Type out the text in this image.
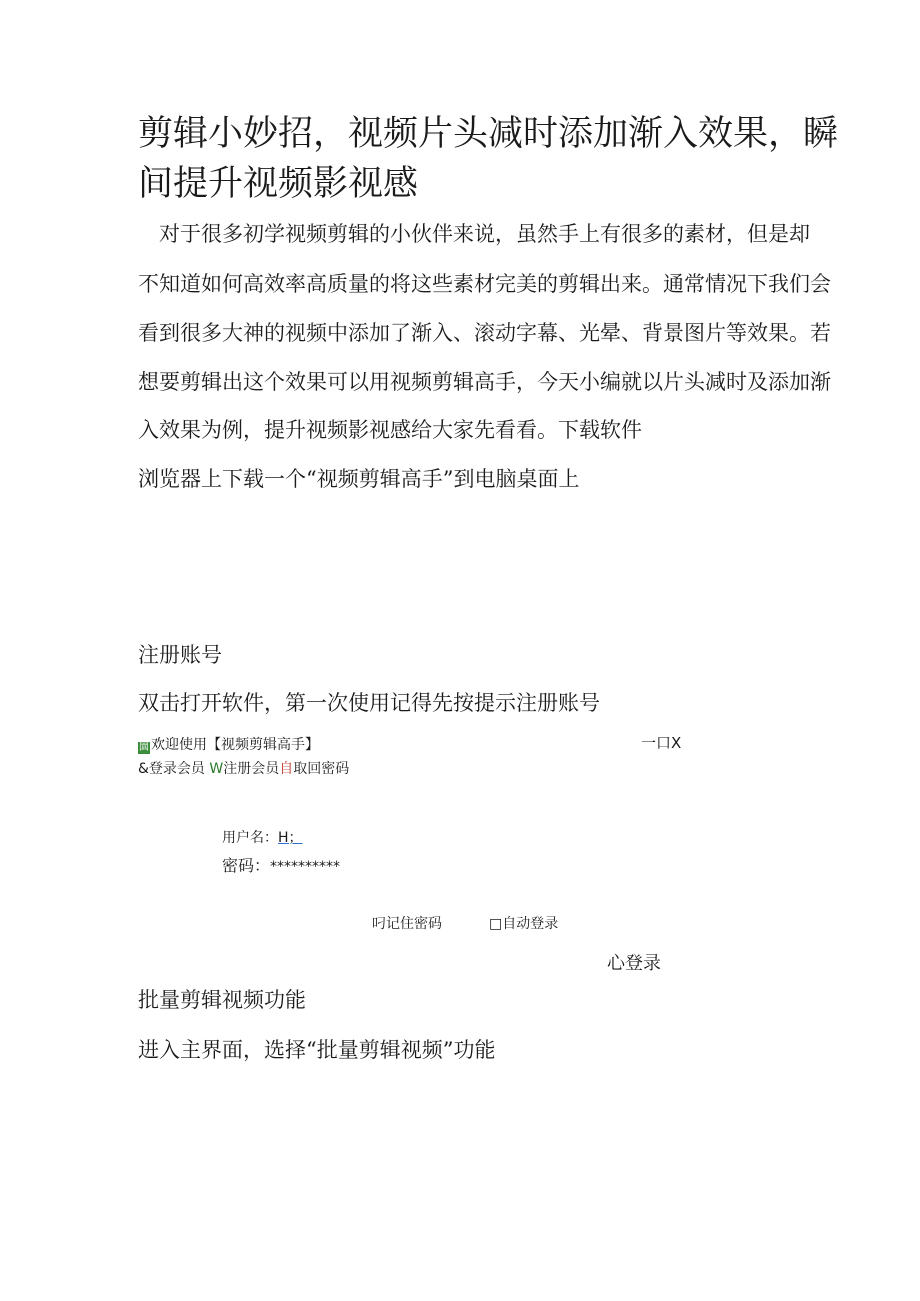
剪辑小妙招，视频片头减时添加渐入效果，瞬
间提升视频影视感
对于很多初学视频剪辑的小伙伴来说，虽然手上有很多的素材，但是却
不知道如何高效率高质量的将这些素材完美的剪辑出来。通常情况下我们会
看到很多大神的视频中添加了渐入、滚动字幕、光晕、背景图片等效果。若
想要剪辑出这个效果可以用视频剪辑高手，今天小编就以片头减时及添加渐
入效果为例，提升视频影视感给大家先看看。下载软件
浏览器上下载一个“视频剪辑高手”到电脑桌面上
注册账号
双击打开软件，第一次使用记得先按提示注册账号
圜 欢迎使用【视频剪辑高手】	一口X
&登录会员 W注册会员自取回密码
用户名：H；
密码：**********
叼记住密码	□自动登录
心登录
批量剪辑视频功能
进入主界面，选择“批量剪辑视频”功能
